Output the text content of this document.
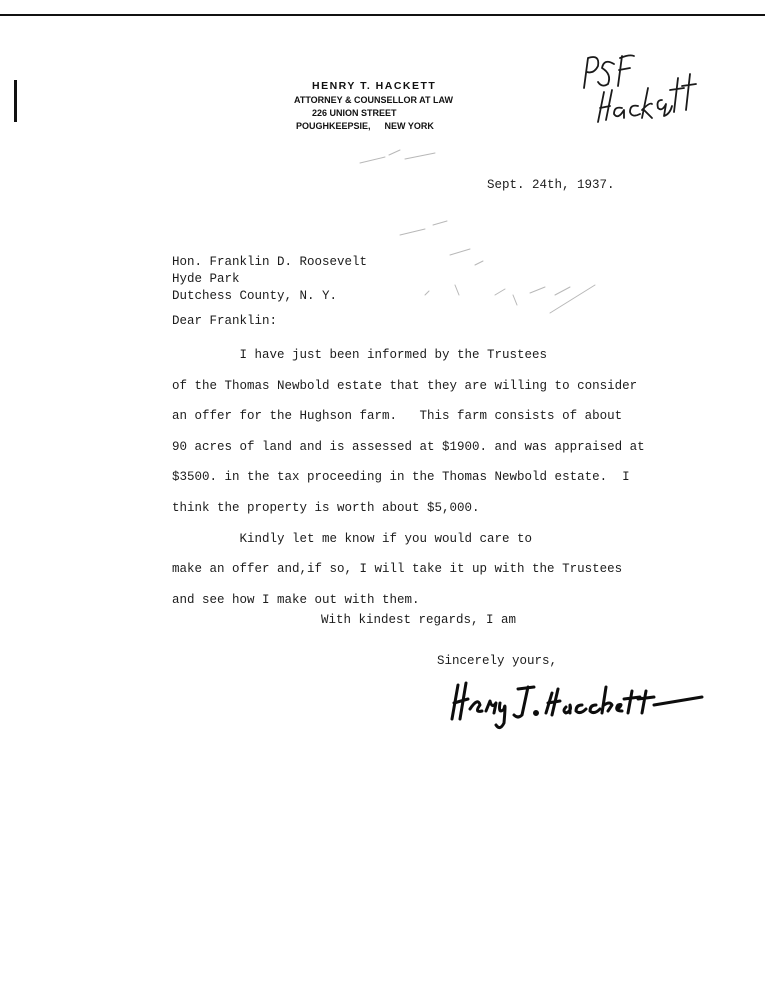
HENRY T. HACKETT
ATTORNEY & COUNSELLOR AT LAW
226 UNION STREET
POUGHKEEPSIE, NEW YORK
Sept. 24th, 1937.
Hon. Franklin D. Roosevelt
Hyde Park
Dutchess County, N. Y.
Dear Franklin:
I have just been informed by the Trustees
of the Thomas Newbold estate that they are willing to consider
an offer for the Hughson farm.   This farm consists of about
90 acres of land and is assessed at $1900. and was appraised at
$3500. in the tax proceeding in the Thomas Newbold estate.  I
think the property is worth about $5,000.
Kindly let me know if you would care to
make an offer and,if so, I will take it up with the Trustees
and see how I make out with them.
With kindest regards, I am
Sincerely yours,
